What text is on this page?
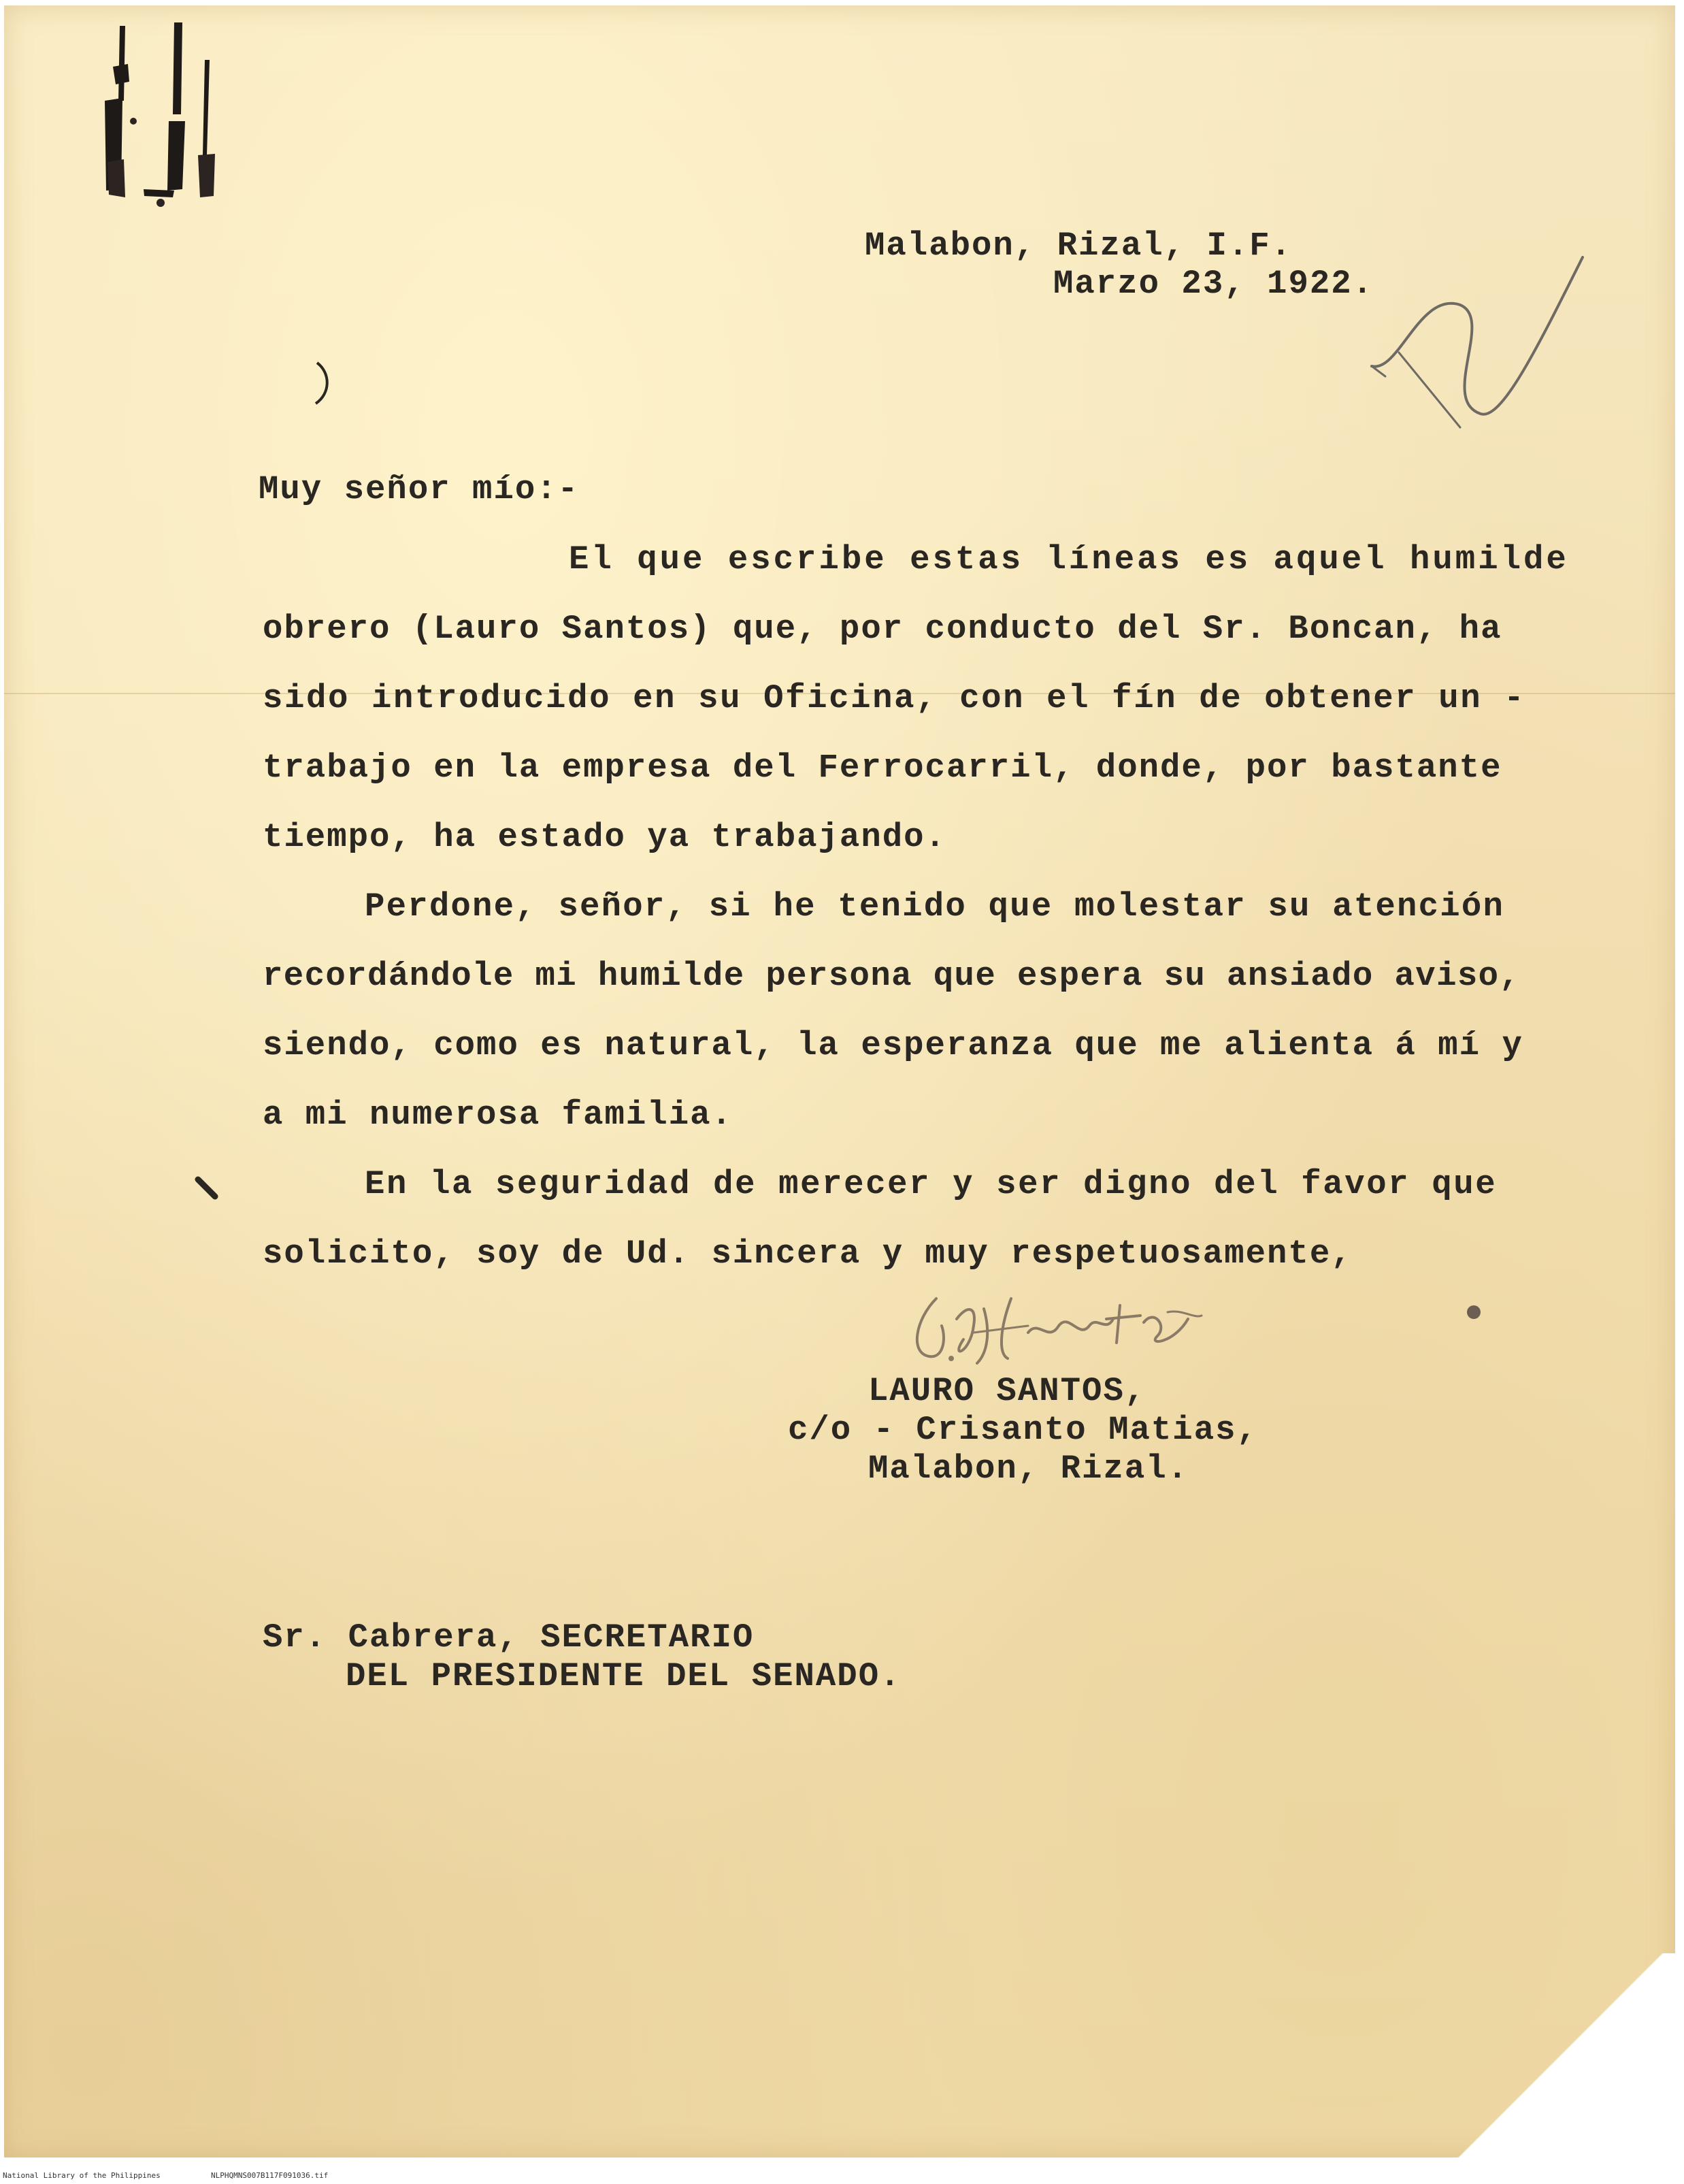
Malabon, Rizal, I.F.
Marzo 23, 1922.
Muy señor mío:-
El que escribe estas líneas es aquel humilde
obrero (Lauro Santos) que, por conducto del Sr. Boncan, ha
sido introducido en su Oficina, con el fín de obtener un -
trabajo en la empresa del Ferrocarril, donde, por bastante
tiempo, ha estado ya trabajando.
Perdone, señor, si he tenido que molestar su atención
recordándole mi humilde persona que espera su ansiado aviso,
siendo, como es natural, la esperanza que me alienta á mí y
a mi numerosa familia.
En la seguridad de merecer y ser digno del favor que
solicito, soy de Ud. sincera y muy respetuosamente,
LAURO SANTOS,
c/o - Crisanto Matias,
Malabon, Rizal.
Sr. Cabrera, SECRETARIO
DEL PRESIDENTE DEL SENADO.
National Library of the Philippines	NLPHQMNS007B117F091036.tif
